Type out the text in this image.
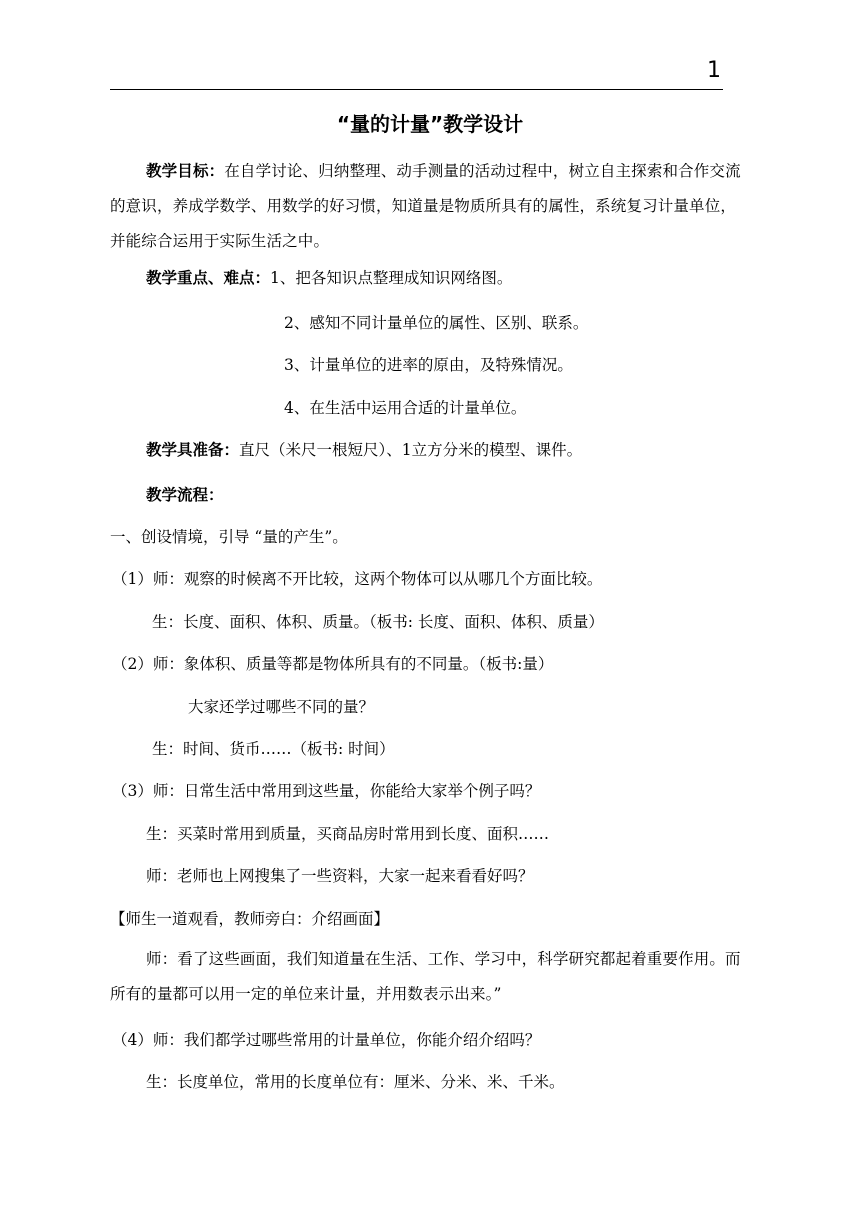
1
“量的计量”教学设计
教学目标：在自学讨论、归纳整理、动手测量的活动过程中，树立自主探索和合作交流的意识，养成学数学、用数学的好习惯，知道量是物质所具有的属性，系统复习计量单位，并能综合运用于实际生活之中。
教学重点、难点：1、把各知识点整理成知识网络图。
2、感知不同计量单位的属性、区别、联系。
3、计量单位的进率的原由，及特殊情况。
4、在生活中运用合适的计量单位。
教学具准备：直尺（米尺一根短尺）、1立方分米的模型、课件。
教学流程：
一、创设情境，引导 “量的产生”。
（1）师：观察的时候离不开比较，这两个物体可以从哪几个方面比较。
生：长度、面积、体积、质量。（板书: 长度、面积、体积、质量）
（2）师：象体积、质量等都是物体所具有的不同量。（板书:量）
大家还学过哪些不同的量？
生：时间、货币……（板书: 时间）
（3）师：日常生活中常用到这些量，你能给大家举个例子吗？
生：买菜时常用到质量，买商品房时常用到长度、面积……
师：老师也上网搜集了一些资料，大家一起来看看好吗？
【师生一道观看，教师旁白：介绍画面】
师：看了这些画面，我们知道量在生活、工作、学习中，科学研究都起着重要作用。而所有的量都可以用一定的单位来计量，并用数表示出来。”
（4）师：我们都学过哪些常用的计量单位，你能介绍介绍吗？
生：长度单位，常用的长度单位有：厘米、分米、米、千米。
